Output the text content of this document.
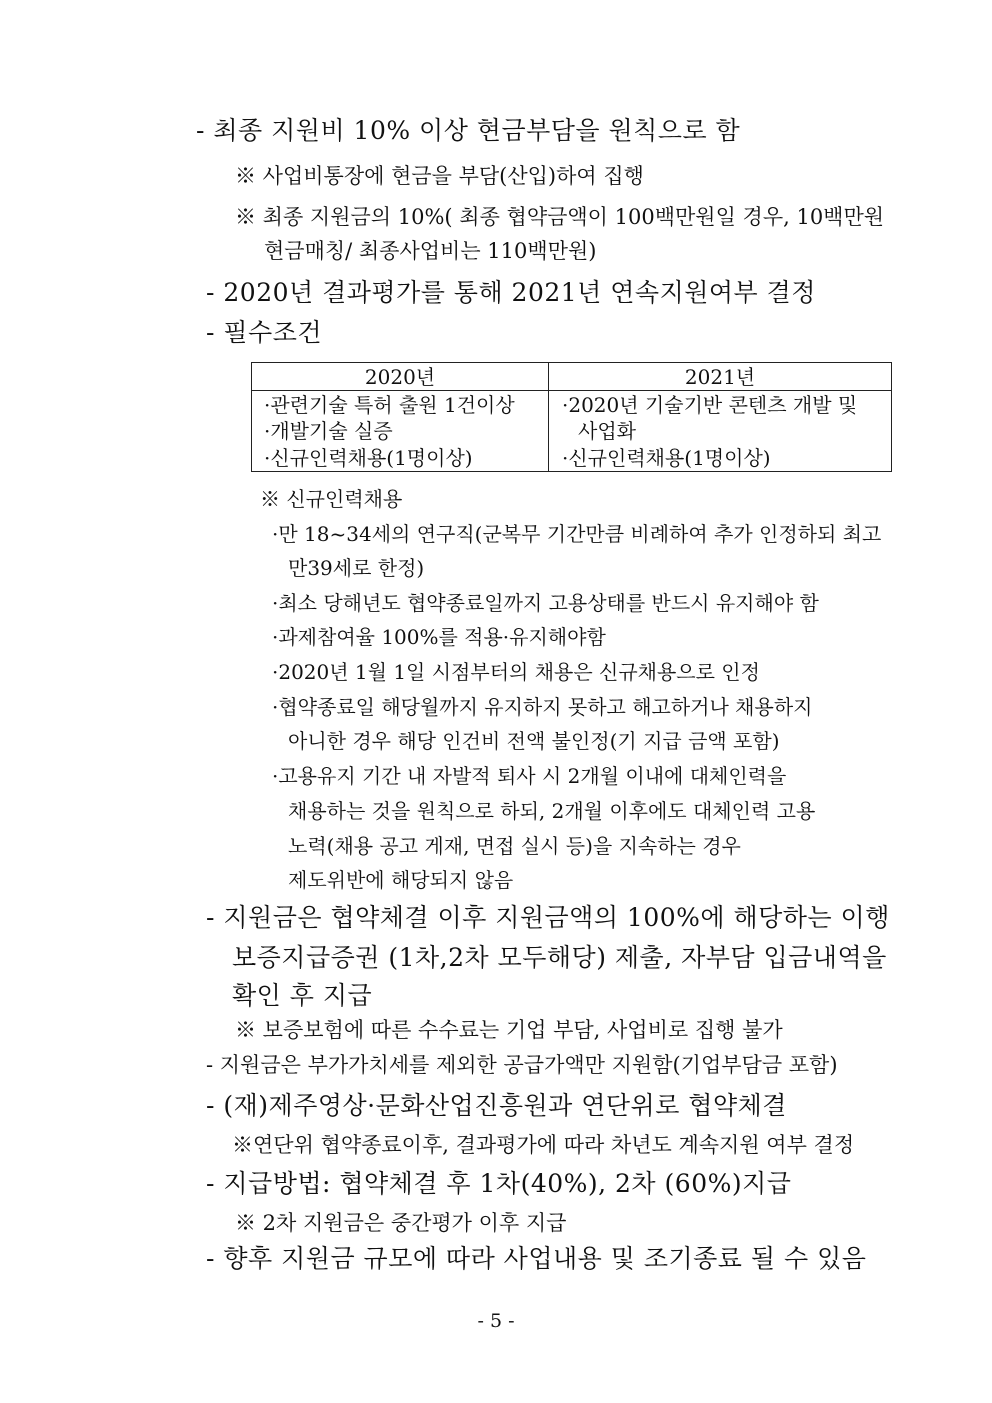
- 최종 지원비 10% 이상 현금부담을 원칙으로 함
※ 사업비통장에 현금을 부담(산입)하여 집행
※ 최종 지원금의 10%( 최종 협약금액이 100백만원일 경우, 10백만원
현금매칭/ 최종사업비는 110백만원)
- 2020년 결과평가를 통해 2021년 연속지원여부 결정
- 필수조건
2020년	2021년
·관련기술 특허 출원 1건이상
·개발기술 실증
·신규인력채용(1명이상)
·2020년 기술기반 콘텐츠 개발 및
사업화
·신규인력채용(1명이상)
※ 신규인력채용
·만 18~34세의 연구직(군복무 기간만큼 비례하여 추가 인정하되 최고
만39세로 한정)
·최소 당해년도 협약종료일까지 고용상태를 반드시 유지해야 함
·과제참여율 100%를 적용·유지해야함
·2020년 1월 1일 시점부터의 채용은 신규채용으로 인정
·협약종료일 해당월까지 유지하지 못하고 해고하거나 채용하지
아니한 경우 해당 인건비 전액 불인정(기 지급 금액 포함)
·고용유지 기간 내 자발적 퇴사 시 2개월 이내에 대체인력을
채용하는 것을 원칙으로 하되, 2개월 이후에도 대체인력 고용
노력(채용 공고 게재, 면접 실시 등)을 지속하는 경우
제도위반에 해당되지 않음
- 지원금은 협약체결 이후 지원금액의 100%에 해당하는 이행
보증지급증권 (1차,2차 모두해당) 제출, 자부담 입금내역을
확인 후 지급
※ 보증보험에 따른 수수료는 기업 부담, 사업비로 집행 불가
- 지원금은 부가가치세를 제외한 공급가액만 지원함(기업부담금 포함)
- (재)제주영상·문화산업진흥원과 연단위로 협약체결
※연단위 협약종료이후, 결과평가에 따라 차년도 계속지원 여부 결정
- 지급방법: 협약체결 후 1차(40%), 2차 (60%)지급
※ 2차 지원금은 중간평가 이후 지급
- 향후 지원금 규모에 따라 사업내용 및 조기종료 될 수 있음
- 5 -
